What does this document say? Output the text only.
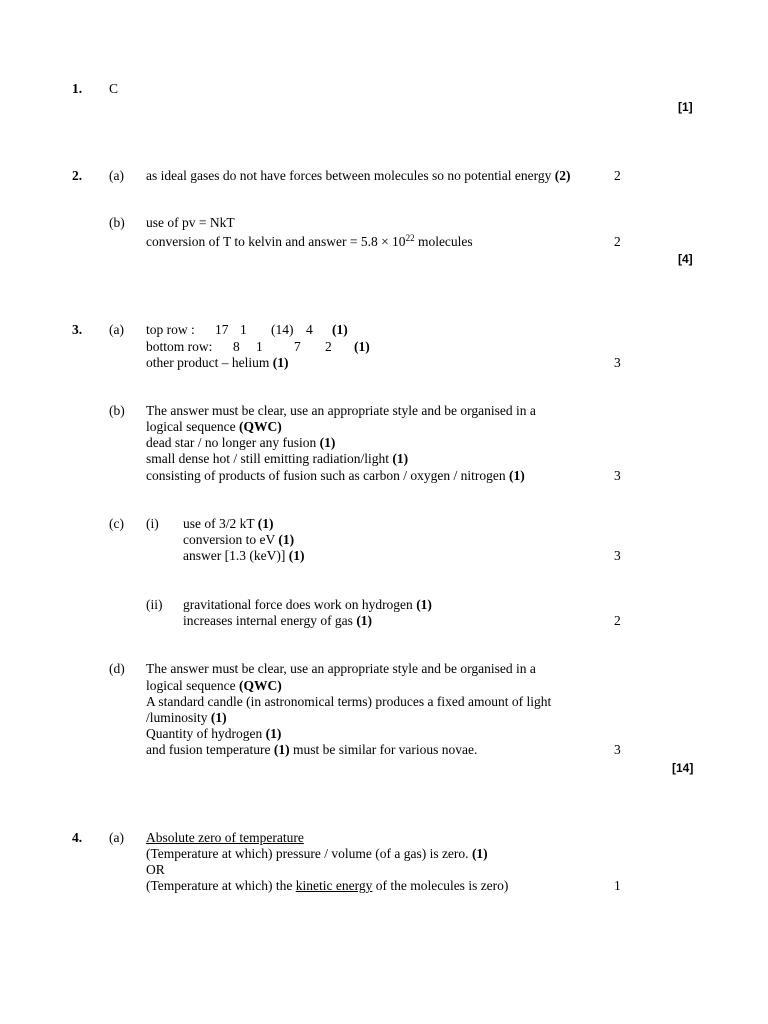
1. C
[1]
2. (a) as ideal gases do not have forces between molecules so no potential energy (2)	2
(b) use of pv = NkT
conversion of T to kelvin and answer = $5.8 \times 10^{22}$ molecules	2
[4]
3. (a) top row : 17 1 (14) 4 (1)
bottom row: 8 1 7 2 (1)
other product – helium (1)	3
(b) The answer must be clear, use an appropriate style and be organised in a
logical sequence (QWC)
dead star / no longer any fusion (1)
small dense hot / still emitting radiation/light (1)
consisting of products of fusion such as carbon / oxygen / nitrogen (1)	3
(c) (i) use of 3/2 kT (1)
conversion to eV (1)
answer [1.3 (keV)] (1)	3
(ii) gravitational force does work on hydrogen (1)
increases internal energy of gas (1)	2
(d) The answer must be clear, use an appropriate style and be organised in a
logical sequence (QWC)
A standard candle (in astronomical terms) produces a fixed amount of light
/luminosity (1)
Quantity of hydrogen (1)
and fusion temperature (1) must be similar for various novae.	3
[14]
4. (a) Absolute zero of temperature
(Temperature at which) pressure / volume (of a gas) is zero. (1)
OR
(Temperature at which) the kinetic energy of the molecules is zero)	1
